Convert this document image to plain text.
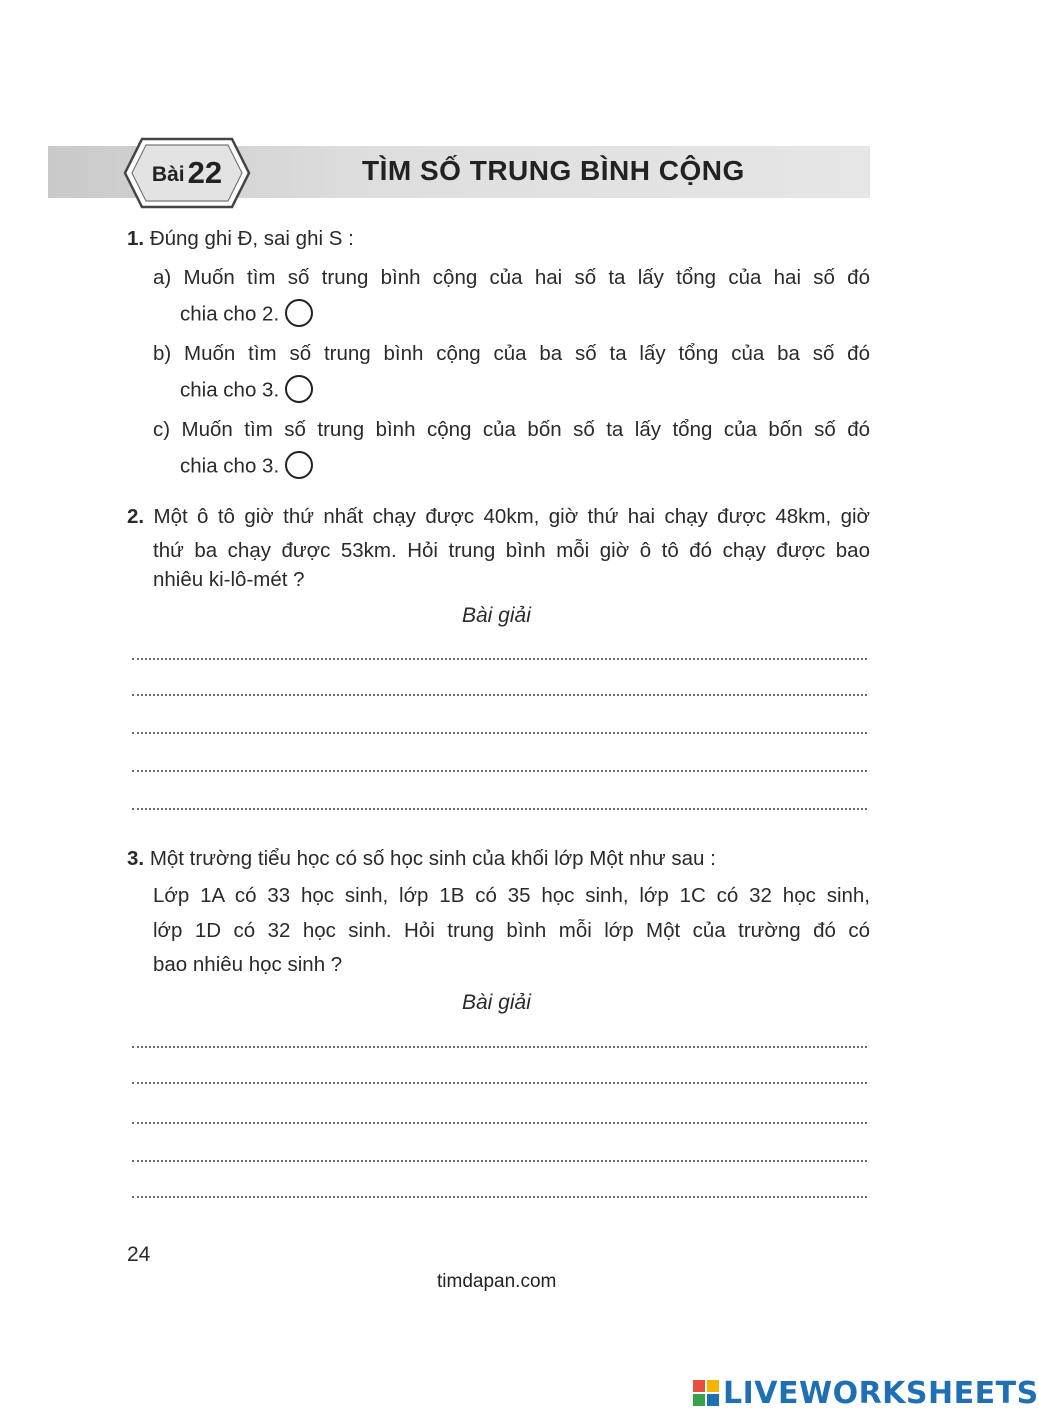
Bài 22	TÌM SỐ TRUNG BÌNH CỘNG
1. Đúng ghi Đ, sai ghi S :
a) Muốn tìm số trung bình cộng của hai số ta lấy tổng của hai số đó
chia cho 2.
b) Muốn tìm số trung bình cộng của ba số ta lấy tổng của ba số đó
chia cho 3.
c) Muốn tìm số trung bình cộng của bốn số ta lấy tổng của bốn số đó
chia cho 3.
2. Một ô tô giờ thứ nhất chạy được 40km, giờ thứ hai chạy được 48km, giờ
thứ ba chạy được 53km. Hỏi trung bình mỗi giờ ô tô đó chạy được bao
nhiêu ki-lô-mét ?
Bài giải
3. Một trường tiểu học có số học sinh của khối lớp Một như sau :
Lớp 1A có 33 học sinh, lớp 1B có 35 học sinh, lớp 1C có 32 học sinh,
lớp 1D có 32 học sinh. Hỏi trung bình mỗi lớp Một của trường đó có
bao nhiêu học sinh ?
Bài giải
24
timdapan.com
LIVEWORKSHEETS
